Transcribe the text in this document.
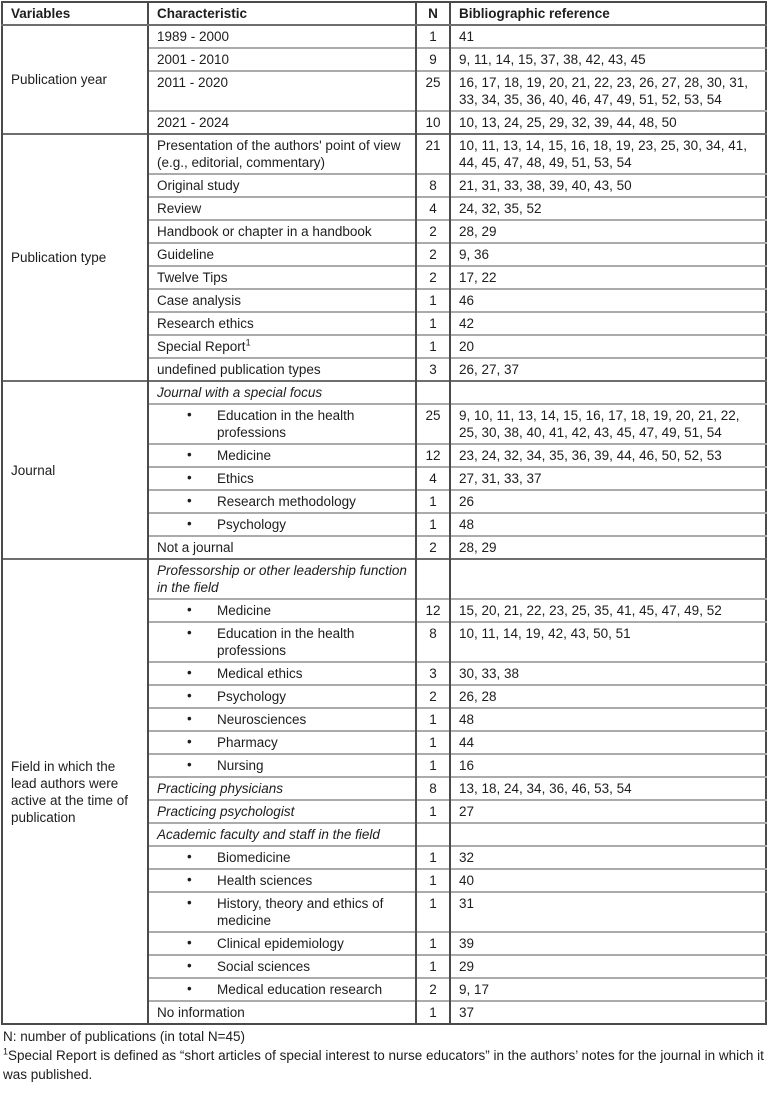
Variables	Characteristic	N	Bibliographic reference
Publication year	1989 - 2000	1	41
	2001 - 2010	9	9, 11, 14, 15, 37, 38, 42, 43, 45
	2011 - 2020	25	16, 17, 18, 19, 20, 21, 22, 23, 26, 27, 28, 30, 31, 33, 34, 35, 36, 40, 46, 47, 49, 51, 52, 53, 54
	2021 - 2024	10	10, 13, 24, 25, 29, 32, 39, 44, 48, 50
Publication type	Presentation of the authors' point of view (e.g., editorial, commentary)	21	10, 11, 13, 14, 15, 16, 18, 19, 23, 25, 30, 34, 41, 44, 45, 47, 48, 49, 51, 53, 54
	Original study	8	21, 31, 33, 38, 39, 40, 43, 50
	Review	4	24, 32, 35, 52
	Handbook or chapter in a handbook	2	28, 29
	Guideline	2	9, 36
	Twelve Tips	2	17, 22
	Case analysis	1	46
	Research ethics	1	42
	Special Report$^1$	1	20
	undefined publication types	3	26, 27, 37
Journal	Journal with a special focus		

	• Education in the health professions	25	9, 10, 11, 13, 14, 15, 16, 17, 18, 19, 20, 21, 22, 25, 30, 38, 40, 41, 42, 43, 45, 47, 49, 51, 54

	• Medicine	12	23, 24, 32, 34, 35, 36, 39, 44, 46, 50, 52, 53

	• Ethics	4	27, 31, 33, 37

	• Research methodology	1	26

	• Psychology	1	48
	Not a journal	2	28, 29
Field in which the lead authors were active at the time of publication	Professorship or other leadership function in the field		

	• Medicine	12	15, 20, 21, 22, 23, 25, 35, 41, 45, 47, 49, 52

	• Education in the health professions	8	10, 11, 14, 19, 42, 43, 50, 51

	• Medical ethics	3	30, 33, 38

	• Psychology	2	26, 28

	• Neurosciences	1	48

	• Pharmacy	1	44

	• Nursing	1	16
	Practicing physicians	8	13, 18, 24, 34, 36, 46, 53, 54
	Practicing psychologist	1	27
	Academic faculty and staff in the field		

	• Biomedicine	1	32

	• Health sciences	1	40

	• History, theory and ethics of medicine	1	31

	• Clinical epidemiology	1	39

	• Social sciences	1	29

	• Medical education research	2	9, 17
	No information	1	37

N: number of publications (in total N=45)

$^1$Special Report is defined as “short articles of special interest to nurse educators” in the authors’ notes for the journal in which it was published.
